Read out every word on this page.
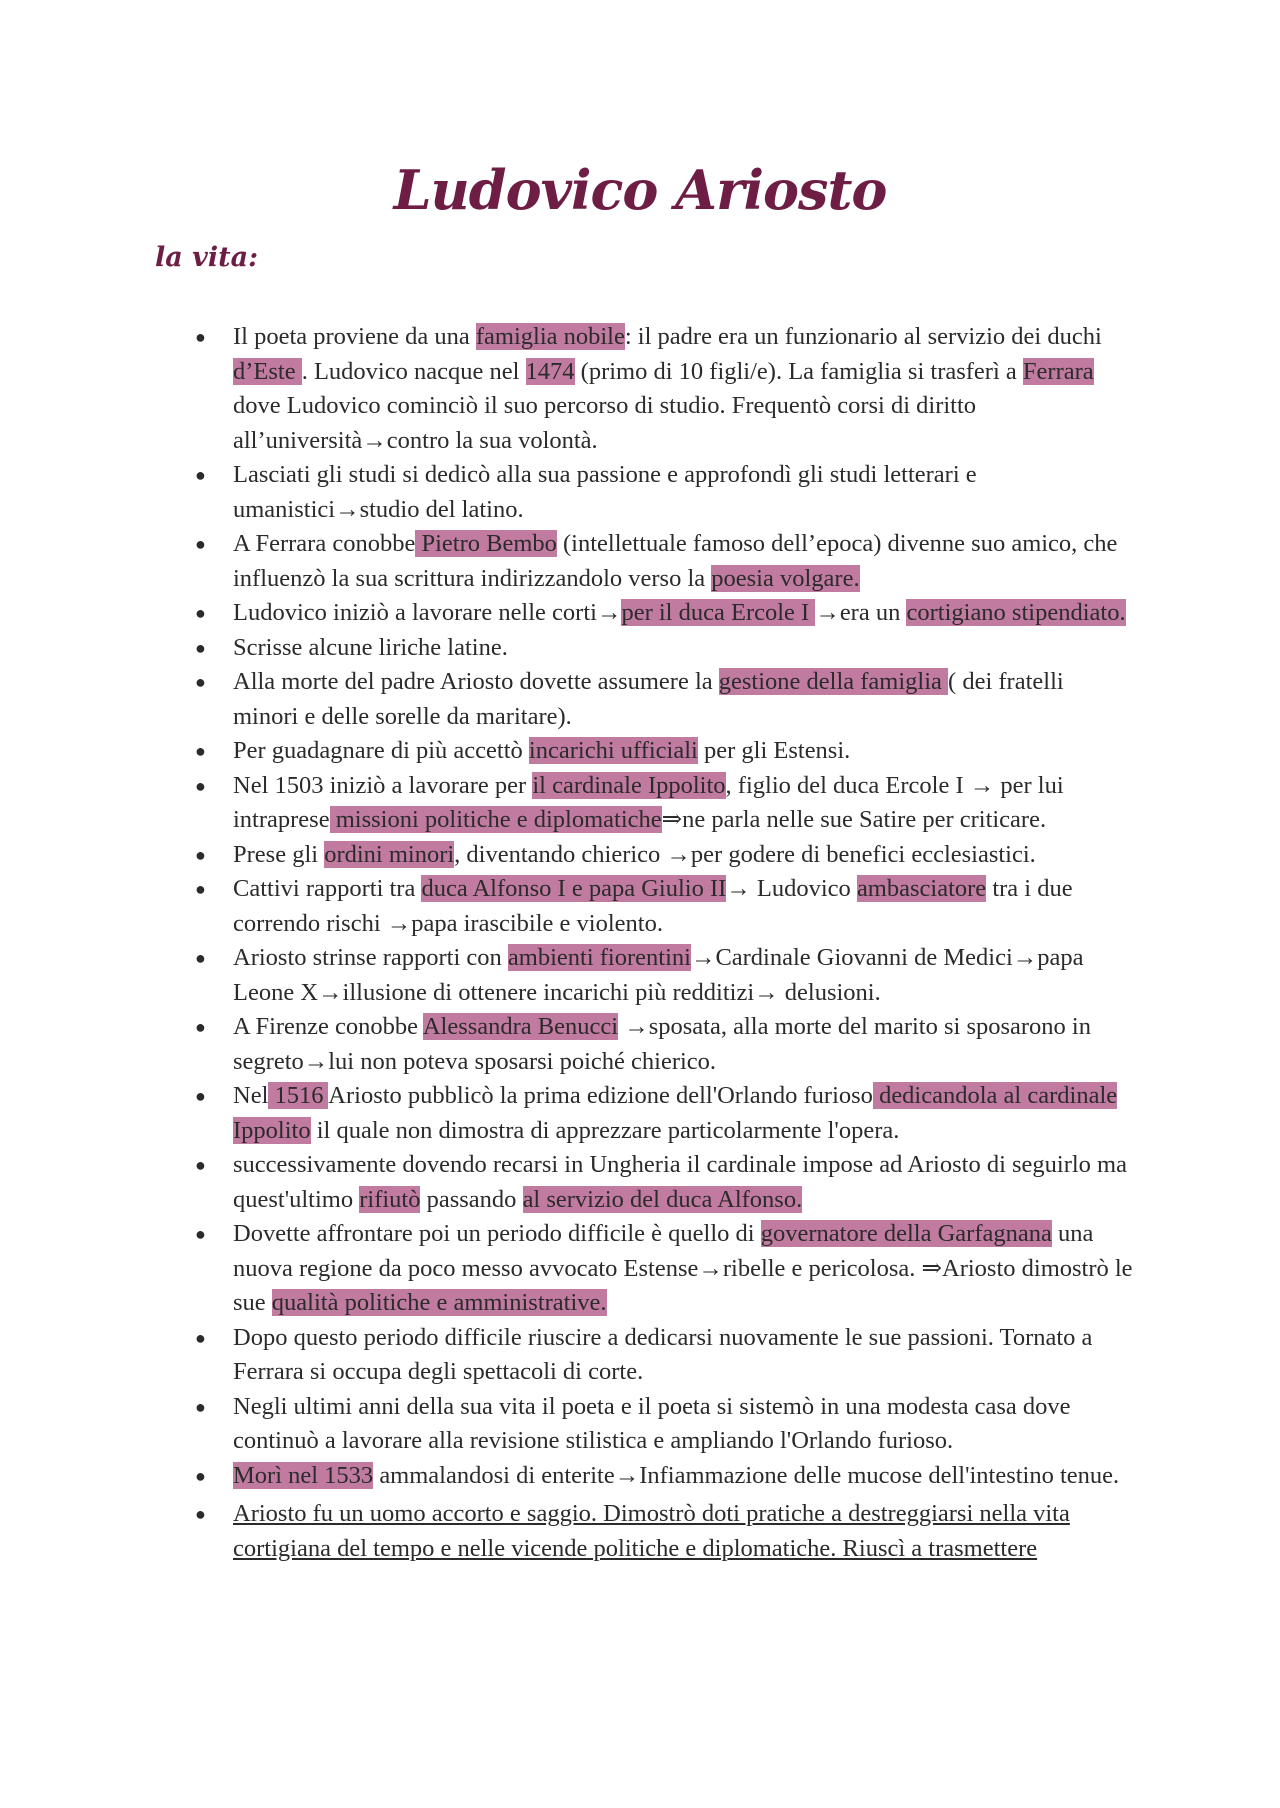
Ludovico Ariosto
la vita:
● Il poeta proviene da una famiglia nobile: il padre era un funzionario al servizio dei duchi d’Este . Ludovico nacque nel 1474 (primo di 10 figli/e). La famiglia si trasferì a Ferrara dove Ludovico cominciò il suo percorso di studio. Frequentò corsi di diritto all’università→contro la sua volontà.
● Lasciati gli studi si dedicò alla sua passione e approfondì gli studi letterari e umanistici→studio del latino.
● A Ferrara conobbe Pietro Bembo (intellettuale famoso dell’epoca) divenne suo amico, che influenzò la sua scrittura indirizzandolo verso la poesia volgare.
● Ludovico iniziò a lavorare nelle corti→per il duca Ercole I →era un cortigiano stipendiato.
● Scrisse alcune liriche latine.
● Alla morte del padre Ariosto dovette assumere la gestione della famiglia ( dei fratelli minori e delle sorelle da maritare).
● Per guadagnare di più accettò incarichi ufficiali per gli Estensi.
● Nel 1503 iniziò a lavorare per il cardinale Ippolito, figlio del duca Ercole I → per lui intraprese missioni politiche e diplomatiche⇒ne parla nelle sue Satire per criticare.
● Prese gli ordini minori, diventando chierico →per godere di benefici ecclesiastici.
● Cattivi rapporti tra duca Alfonso I e papa Giulio II→ Ludovico ambasciatore tra i due correndo rischi →papa irascibile e violento.
● Ariosto strinse rapporti con ambienti fiorentini→Cardinale Giovanni de Medici→papa Leone X→illusione di ottenere incarichi più redditizi→ delusioni.
● A Firenze conobbe Alessandra Benucci →sposata, alla morte del marito si sposarono in segreto→lui non poteva sposarsi poiché chierico.
● Nel 1516 Ariosto pubblicò la prima edizione dell'Orlando furioso dedicandola al cardinale Ippolito il quale non dimostra di apprezzare particolarmente l'opera.
● successivamente dovendo recarsi in Ungheria il cardinale impose ad Ariosto di seguirlo ma quest'ultimo rifiutò passando al servizio del duca Alfonso.
● Dovette affrontare poi un periodo difficile è quello di governatore della Garfagnana una nuova regione da poco messo avvocato Estense→ribelle e pericolosa. ⇒Ariosto dimostrò le sue qualità politiche e amministrative.
● Dopo questo periodo difficile riuscire a dedicarsi nuovamente le sue passioni. Tornato a Ferrara si occupa degli spettacoli di corte.
● Negli ultimi anni della sua vita il poeta e il poeta si sistemò in una modesta casa dove continuò a lavorare alla revisione stilistica e ampliando l'Orlando furioso.
● Morì nel 1533 ammalandosi di enterite→Infiammazione delle mucose dell'intestino tenue.
● Ariosto fu un uomo accorto e saggio. Dimostrò doti pratiche a destreggiarsi nella vita cortigiana del tempo e nelle vicende politiche e diplomatiche. Riuscì a trasmettere
